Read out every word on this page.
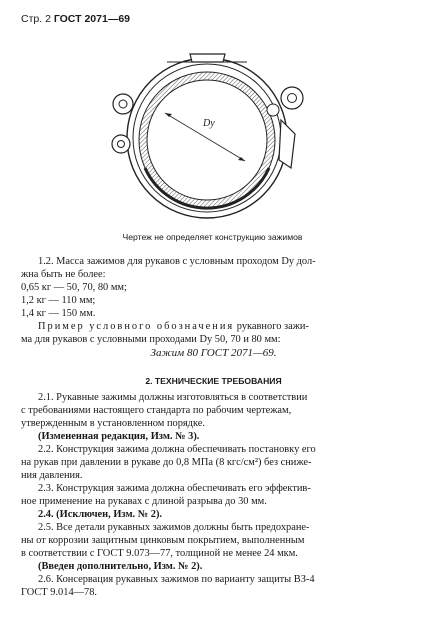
Стр. 2 ГОСТ 2071—69
Dу
Чертеж не определяет конструкцию зажимов
1.2. Масса зажимов для рукавов с условным проходом Dу дол-
жна быть не более:
0,65 кг — 50, 70, 80 мм;
1,2 кг — 110 мм;
1,4 кг — 150 мм.
Пример условного обозначения рукавного зажи-
ма для рукавов с условными проходами Dу 50, 70 и 80 мм:
Зажим 80 ГОСТ 2071—69.
2. ТЕХНИЧЕСКИЕ ТРЕБОВАНИЯ
2.1. Рукавные зажимы должны изготовляться в соответствии
с требованиями настоящего стандарта по рабочим чертежам,
утвержденным в установленном порядке.
(Измененная редакция, Изм. № 3).
2.2. Конструкция зажима должна обеспечивать постановку его
на рукав при давлении в рукаве до 0,8 МПа (8 кгс/см²) без сниже-
ния давления.
2.3. Конструкция зажима должна обеспечивать его эффектив-
ное применение на рукавах с длиной разрыва до 30 мм.
2.4. (Исключен, Изм. № 2).
2.5. Все детали рукавных зажимов должны быть предохране-
ны от коррозии защитным цинковым покрытием, выполненным
в соответствии с ГОСТ 9.073—77, толщиной не менее 24 мкм.
(Введен дополнительно, Изм. № 2).
2.6. Консервация рукавных зажимов по варианту защиты ВЗ-4
ГОСТ 9.014—78.
